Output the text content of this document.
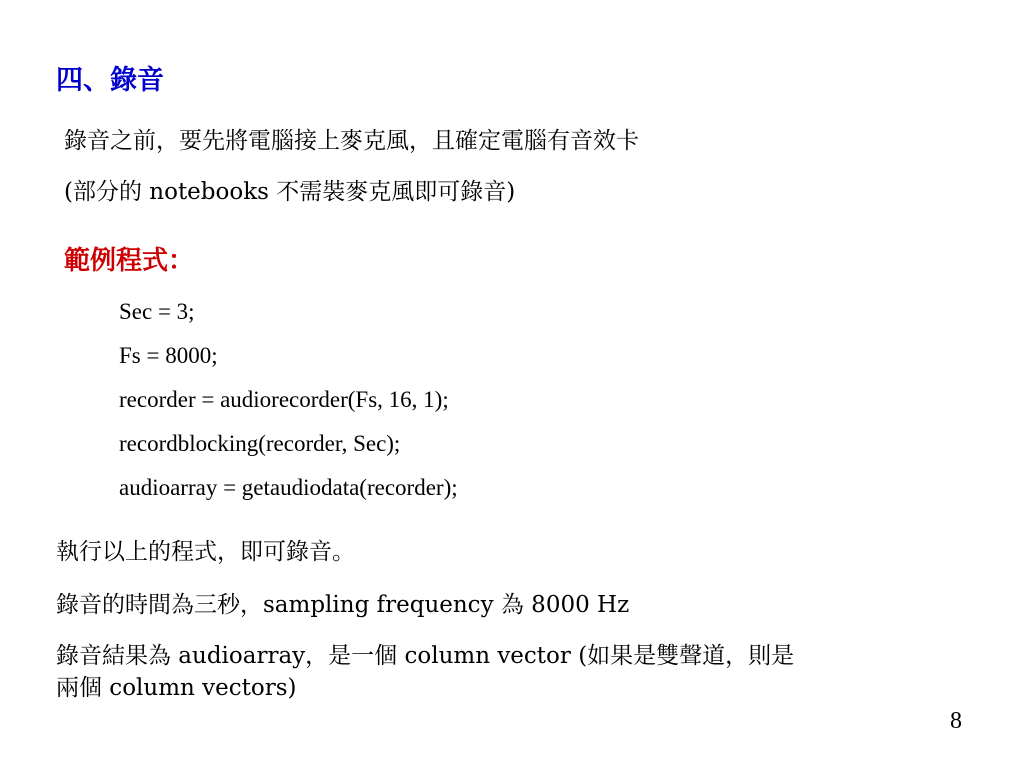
四、錄音
錄音之前，要先將電腦接上麥克風，且確定電腦有音效卡
(部分的 notebooks 不需裝麥克風即可錄音)
範例程式：
Sec = 3;
Fs = 8000;
recorder = audiorecorder(Fs, 16, 1);
recordblocking(recorder, Sec);
audioarray = getaudiodata(recorder);
執行以上的程式，即可錄音。
錄音的時間為三秒，sampling frequency 為 8000 Hz
錄音結果為 audioarray，是一個 column vector (如果是雙聲道，則是
兩個 column vectors)
8
